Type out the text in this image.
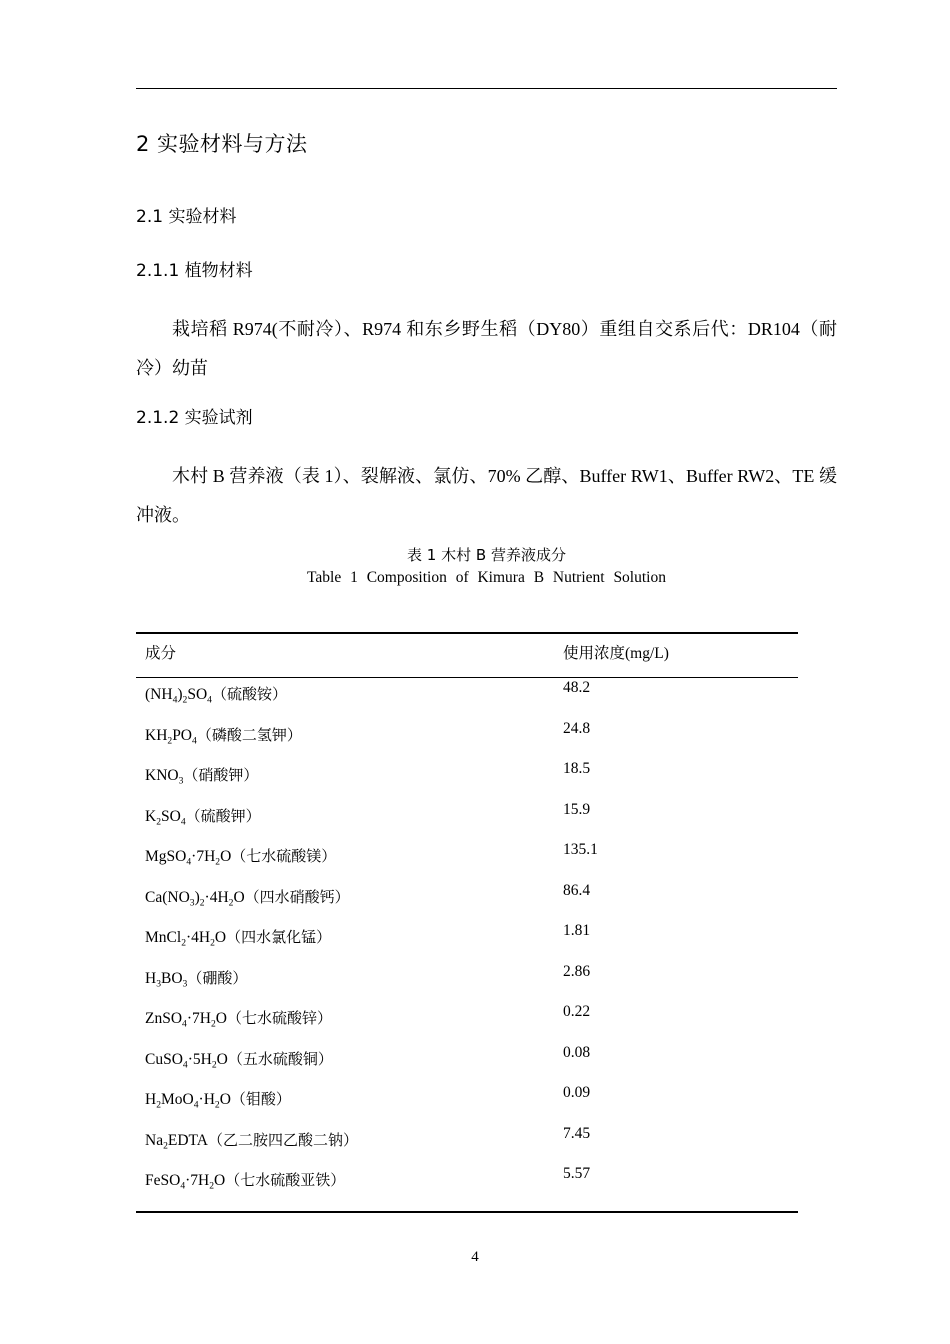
2 实验材料与方法
2.1 实验材料
2.1.1 植物材料
栽培稻 R974(不耐冷）、R974 和东乡野生稻（DY80）重组自交系后代：DR104（耐冷）幼苗
2.1.2 实验试剂
木村 B 营养液（表 1）、裂解液、氯仿、70% 乙醇、Buffer RW1、Buffer RW2、TE 缓冲液。
表 1 木村 B 营养液成分
Table 1 Composition of Kimura B Nutrient Solution
成分	使用浓度(mg/L)
$(NH_4)_2SO_4$（硫酸铵）	48.2
$KH_2PO_4$（磷酸二氢钾）	24.8
$KNO_3$（硝酸钾）	18.5
$K_2SO_4$（硫酸钾）	15.9
$MgSO_4\cdot 7H_2O$（七水硫酸镁）	135.1
$Ca(NO_3)_2\cdot 4H_2O$（四水硝酸钙）	86.4
$MnCl_2\cdot 4H_2O$（四水氯化锰）	1.81
$H_3BO_3$（硼酸）	2.86
$ZnSO_4\cdot 7H_2O$（七水硫酸锌）	0.22
$CuSO_4\cdot 5H_2O$（五水硫酸铜）	0.08
$H_2MoO_4\cdot H_2O$（钼酸）	0.09
$Na_2EDTA$（乙二胺四乙酸二钠）	7.45
$FeSO_4\cdot 7H_2O$（七水硫酸亚铁）	5.57
4
